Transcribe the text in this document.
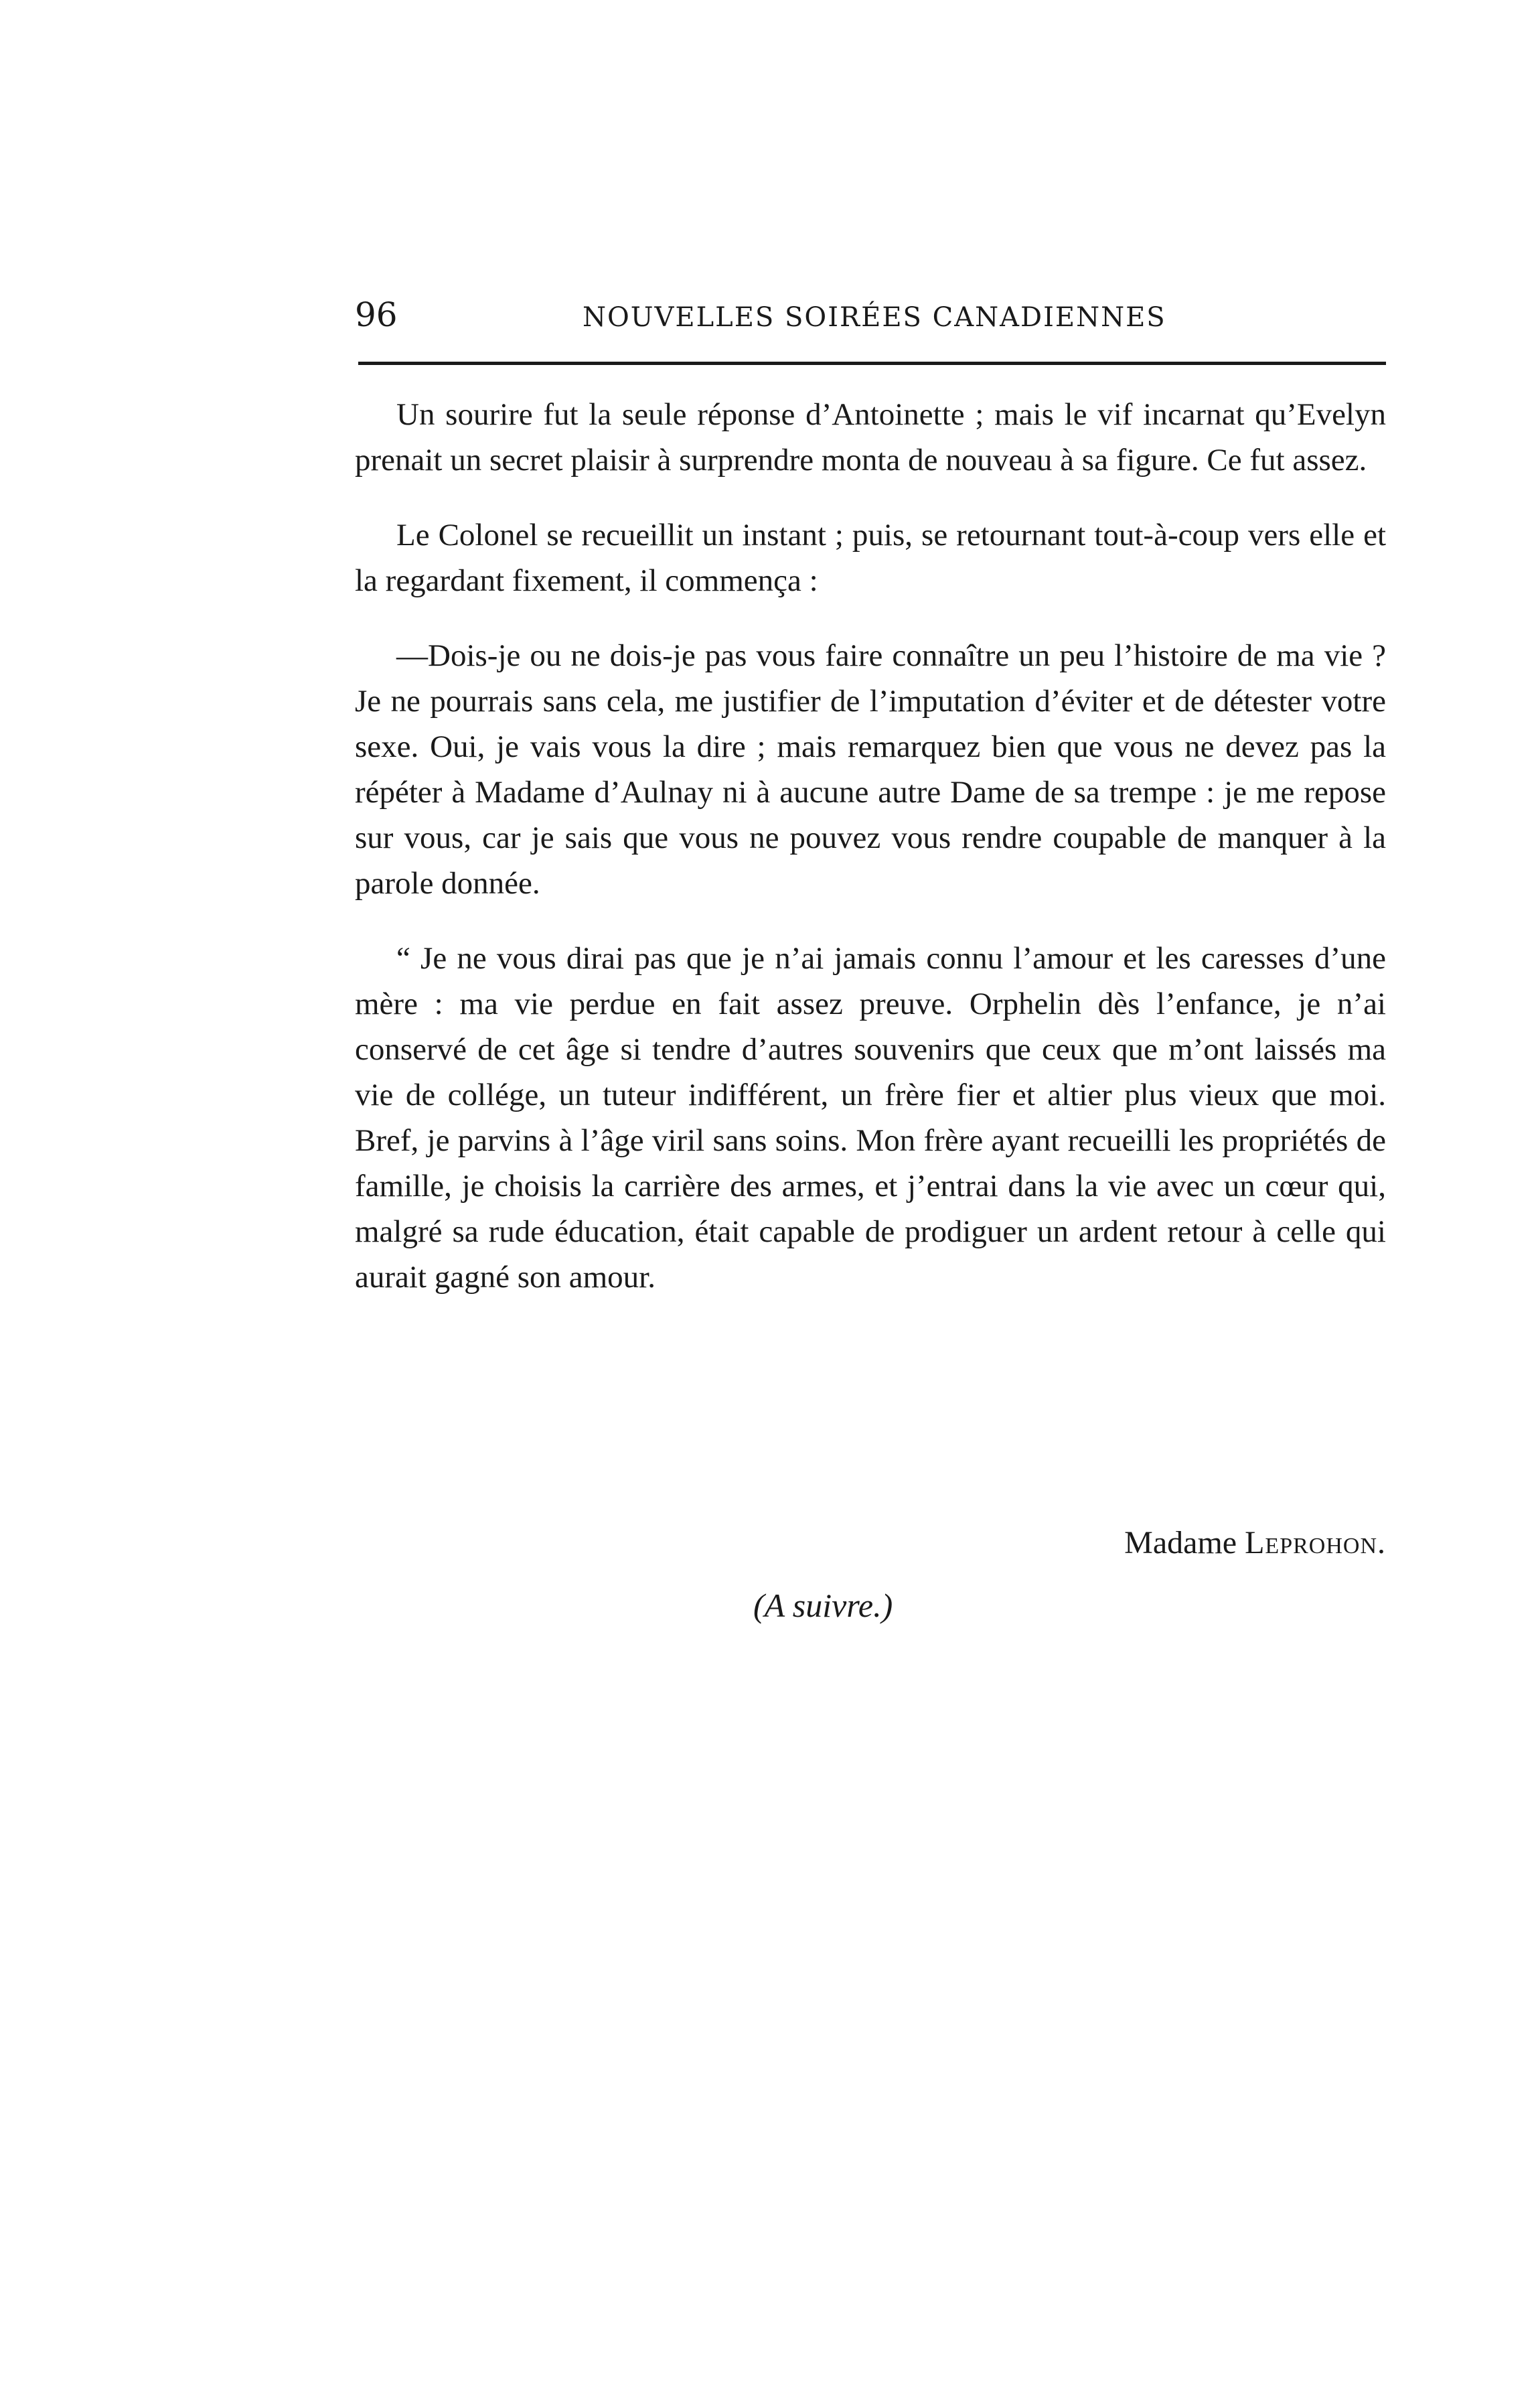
96	NOUVELLES SOIRÉES CANADIENNES

Un sourire fut la seule réponse d’Antoinette ; mais le vif incarnat qu’Evelyn prenait un secret plaisir à surprendre monta de nouveau à sa figure. Ce fut assez.

Le Colonel se recueillit un instant ; puis, se retournant tout-à-coup vers elle et la regardant fixement, il commença :

—Dois-je ou ne dois-je pas vous faire connaître un peu l’histoire de ma vie ? Je ne pourrais sans cela, me justifier de l’imputation d’éviter et de détester votre sexe. Oui, je vais vous la dire ; mais remarquez bien que vous ne devez pas la répéter à Madame d’Aulnay ni à aucune autre Dame de sa trempe : je me repose sur vous, car je sais que vous ne pouvez vous rendre coupable de manquer à la parole donnée.

“ Je ne vous dirai pas que je n’ai jamais connu l’amour et les caresses d’une mère : ma vie perdue en fait assez preuve. Orphelin dès l’enfance, je n’ai conservé de cet âge si tendre d’autres souvenirs que ceux que m’ont laissés ma vie de collége, un tuteur indifférent, un frère fier et altier plus vieux que moi. Bref, je parvins à l’âge viril sans soins. Mon frère ayant recueilli les propriétés de famille, je choisis la carrière des armes, et j’entrai dans la vie avec un cœur qui, malgré sa rude éducation, était capable de prodiguer un ardent retour à celle qui aurait gagné son amour.

Madame Leprohon.
(A suivre.)
